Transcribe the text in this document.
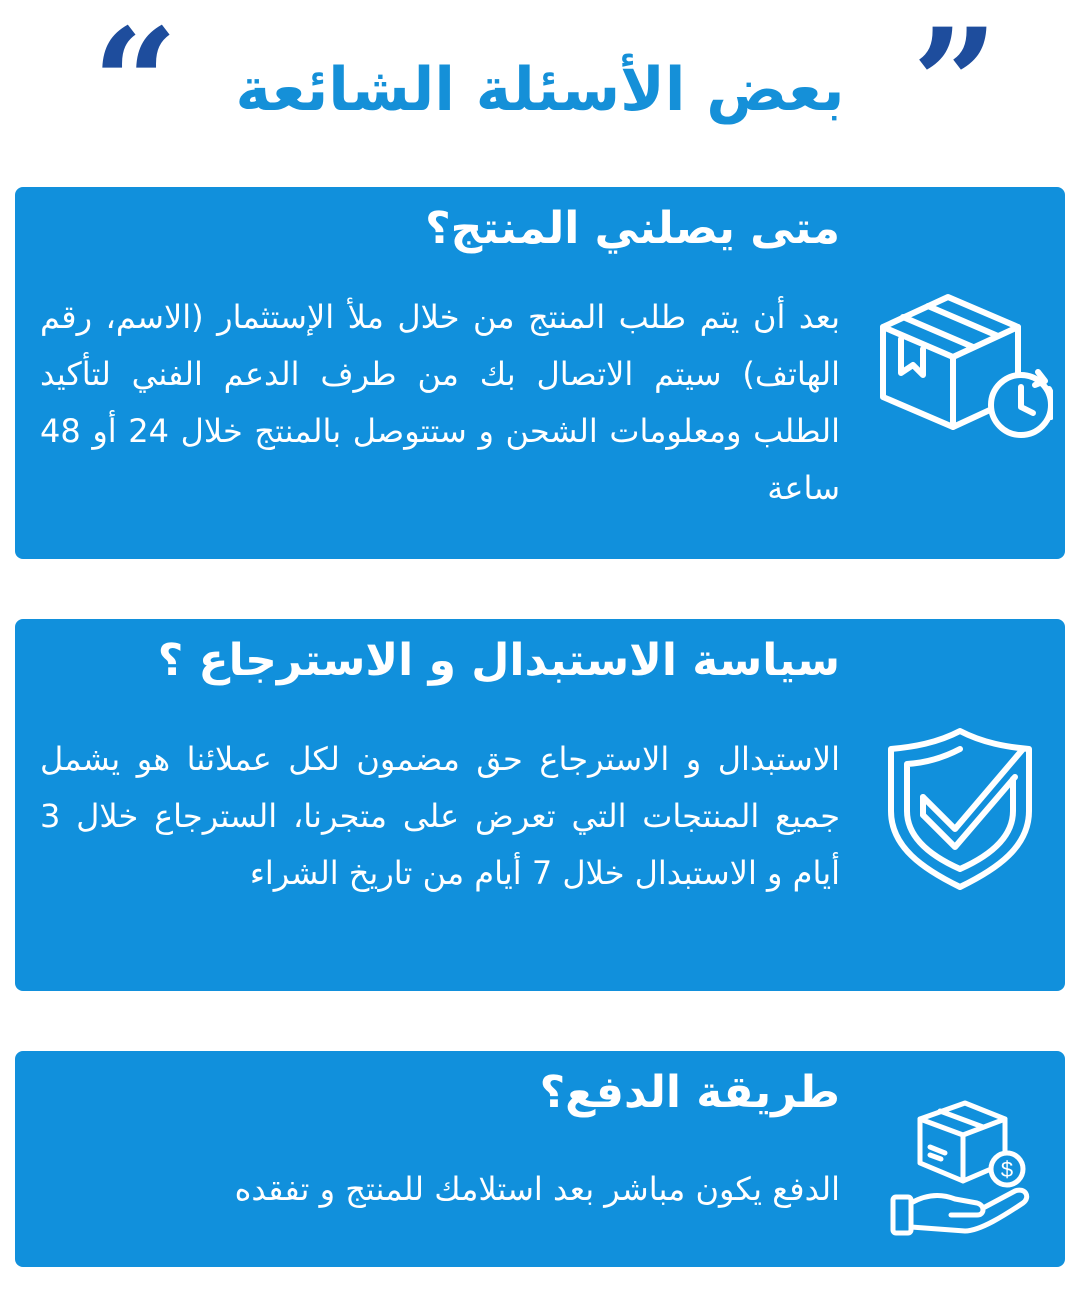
“ بعض الأسئلة الشائعة ”
متى يصلني المنتج؟

بعد أن يتم طلب المنتج من خلال ملأ الإستثمار (الاسم، رقم الهاتف) سيتم الاتصال بك من طرف الدعم الفني لتأكيد الطلب ومعلومات الشحن و ستتوصل بالمنتج خلال 24 أو 48 ساعة

سياسة الاستبدال و الاسترجاع ؟

الاستبدال و الاسترجاع حق مضمون لكل عملائنا هو يشمل جميع المنتجات التي تعرض على متجرنا، السترجاع خلال 3 أيام و الاستبدال خلال 7 أيام من تاريخ الشراء

طريقة الدفع؟

الدفع يكون مباشر بعد استلامك للمنتج و تفقده

$
